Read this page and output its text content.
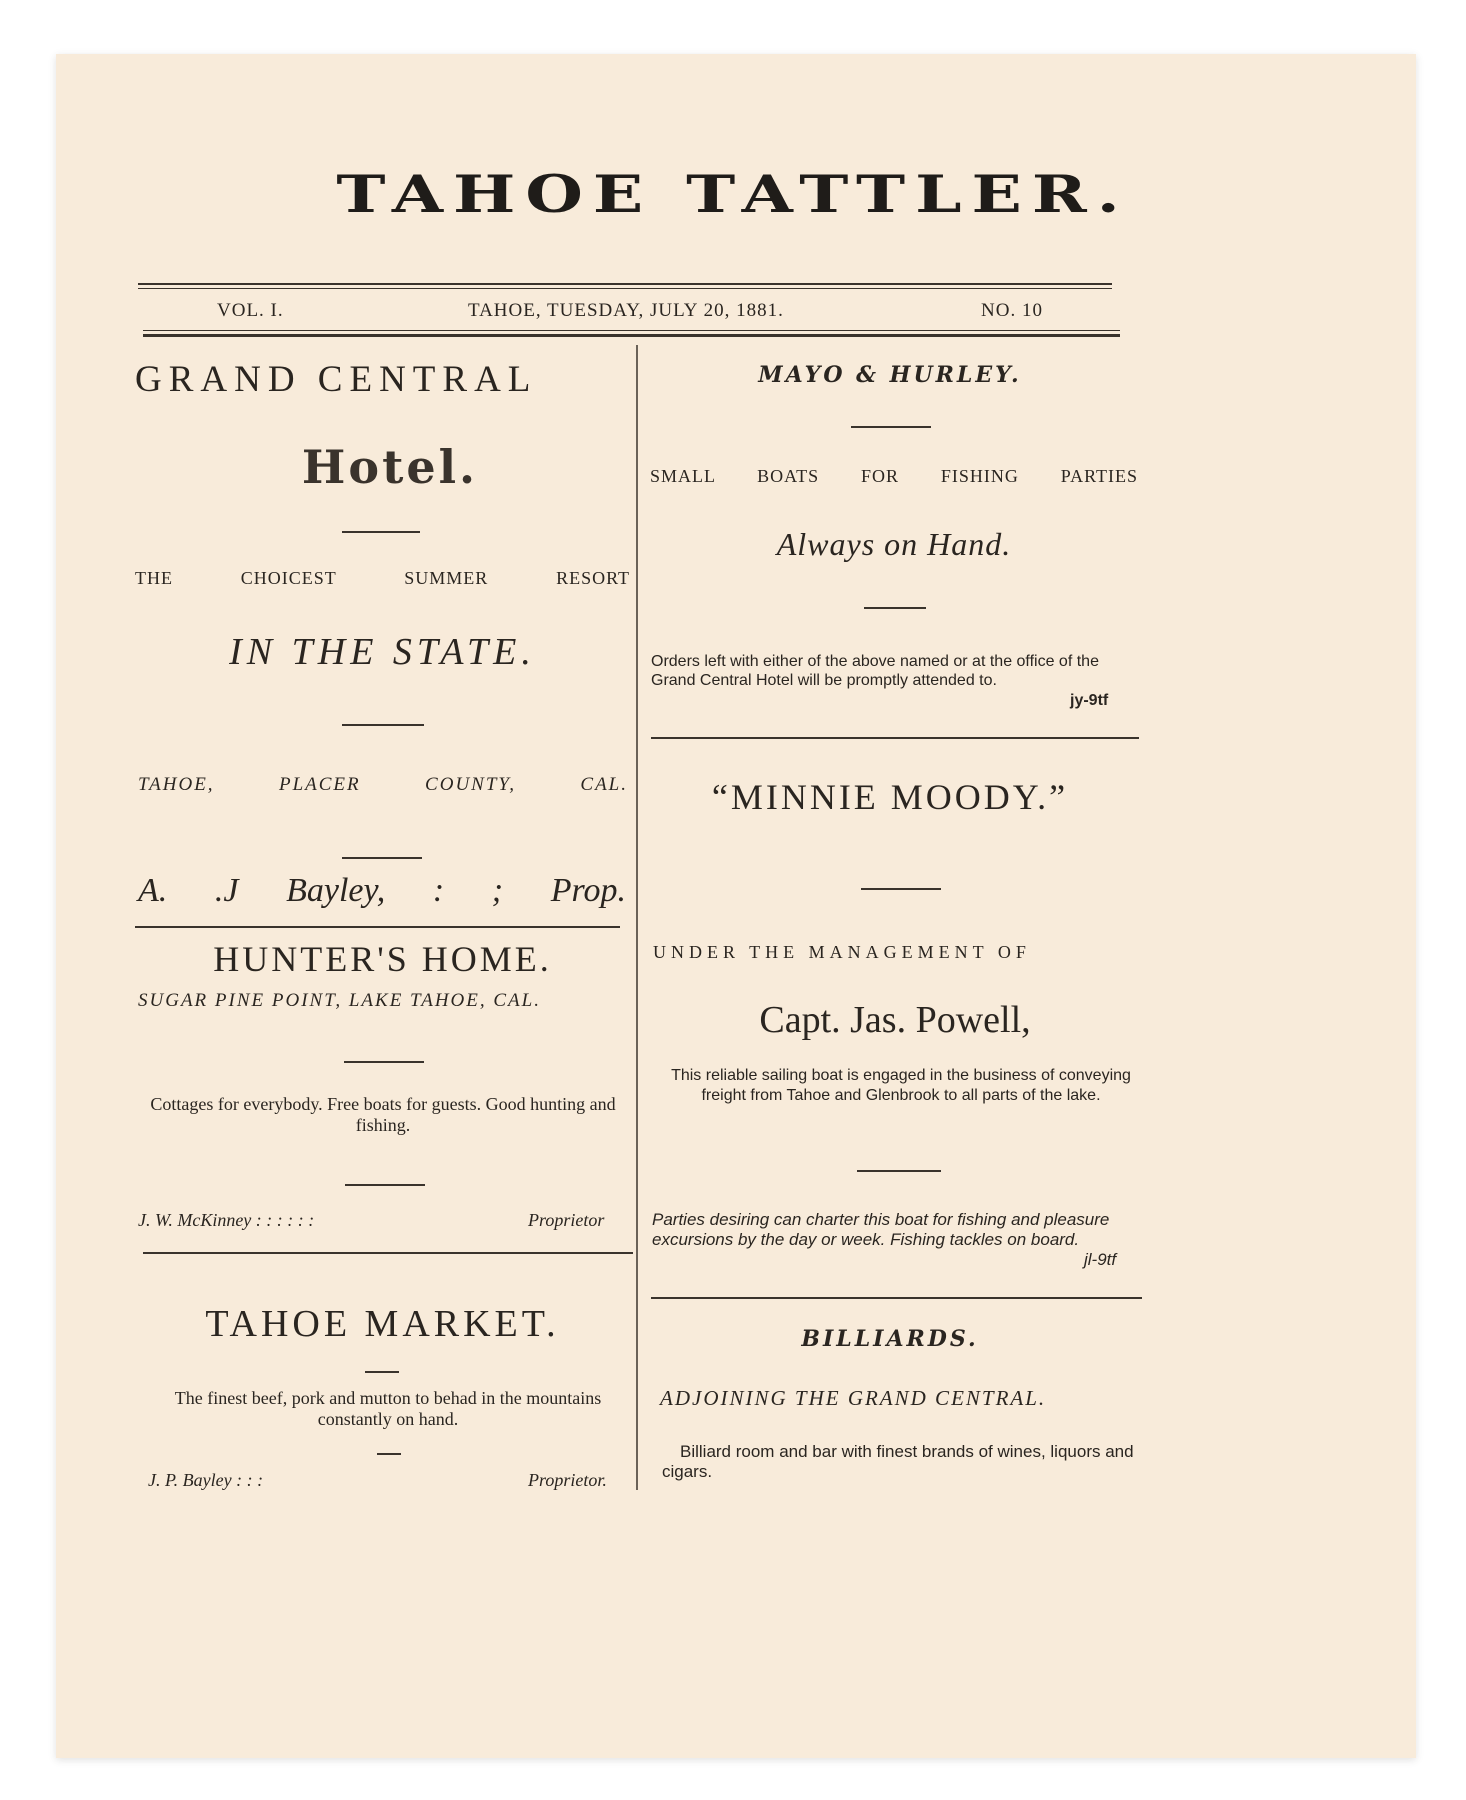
TAHOE TATTLER.
VOL. I.	TAHOE, TUESDAY, JULY 20, 1881.	NO. 10
GRAND CENTRAL
Hotel.
THE CHOICEST SUMMER RESORT
IN THE STATE.
TAHOE, PLACER COUNTY, CAL.
A. .J Bayley, : ; Prop.
HUNTER'S HOME.
SUGAR PINE POINT, LAKE TAHOE, CAL.
Cottages for everybody. Free boats for guests. Good hunting and fishing.
J. W. McKinney : : : : : :	Proprietor
TAHOE MARKET.
The finest beef, pork and mutton to behad in the mountains constantly on hand.
J. P. Bayley : : :	Proprietor.
MAYO & HURLEY.
SMALL BOATS FOR FISHING PARTIES
Always on Hand.
Orders left with either of the above named or at the office of the Grand Central Hotel will be promptly attended to.
jy-9tf
“MINNIE MOODY.”
UNDER THE MANAGEMENT OF
Capt. Jas. Powell,
This reliable sailing boat is engaged in the business of conveying freight from Tahoe and Glenbrook to all parts of the lake.
Parties desiring can charter this boat for fishing and pleasure excursions by the day or week. Fishing tackles on board.
jl-9tf
BILLIARDS.
ADJOINING THE GRAND CENTRAL.
Billiard room and bar with finest brands of wines, liquors and cigars.
